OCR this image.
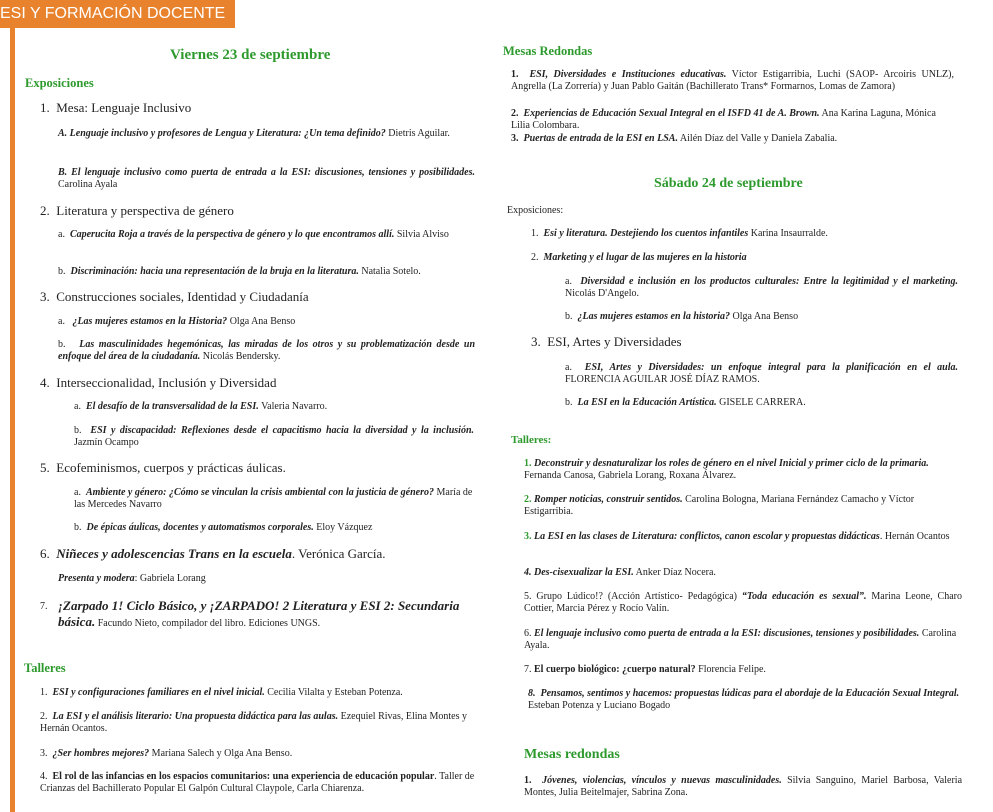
ESI Y FORMACIÓN DOCENTE
Viernes 23 de septiembre
Exposiciones
1. Mesa: Lenguaje Inclusivo
A. Lenguaje inclusivo y profesores de Lengua y Literatura: ¿Un tema definido? Dietris Aguilar.
B. El lenguaje inclusivo como puerta de entrada a la ESI: discusiones, tensiones y posibilidades. Carolina Ayala
2. Literatura y perspectiva de género
a. Caperucita Roja a través de la perspectiva de género y lo que encontramos allí. Silvia Alviso
b. Discriminación: hacia una representación de la bruja en la literatura. Natalia Sotelo.
3. Construcciones sociales, Identidad y Ciudadanía
a. ¿Las mujeres estamos en la Historia? Olga Ana Benso
b. Las masculinidades hegemónicas, las miradas de los otros y su problematización desde un enfoque del área de la ciudadanía. Nicolás Bendersky.
4. Interseccionalidad, Inclusión y Diversidad
a. El desafío de la transversalidad de la ESI. Valeria Navarro.
b. ESI y discapacidad: Reflexiones desde el capacitismo hacia la diversidad y la inclusión. Jazmín Ocampo
5. Ecofeminismos, cuerpos y prácticas áulicas.
a. Ambiente y género: ¿Cómo se vinculan la crisis ambiental con la justicia de género? María de las Mercedes Navarro
b. De épicas áulicas, docentes y automatismos corporales. Eloy Vázquez
6. Niñeces y adolescencias Trans en la escuela. Verónica García.
Presenta y modera: Gabriela Lorang
7. ¡Zarpado 1! Ciclo Básico, y ¡ZARPADO! 2 Literatura y ESI 2: Secundaria básica. Facundo Nieto, compilador del libro. Ediciones UNGS.
Talleres
1. ESI y configuraciones familiares en el nivel inicial. Cecilia Vilalta y Esteban Potenza.
2. La ESI y el análisis literario: Una propuesta didáctica para las aulas. Ezequiel Rivas, Elina Montes y Hernán Ocantos.
3. ¿Ser hombres mejores? Mariana Salech y Olga Ana Benso.
4. El rol de las infancias en los espacios comunitarios: una experiencia de educación popular. Taller de Crianzas del Bachillerato Popular El Galpón Cultural Claypole, Carla Chiarenza.
Mesas Redondas
1. ESI, Diversidades e Instituciones educativas. Víctor Estigarribia, Luchi (SAOP- Arcoiris UNLZ), Angrella (La Zorrería) y Juan Pablo Gaitán (Bachillerato Trans* Formarnos, Lomas de Zamora)
2. Experiencias de Educación Sexual Integral en el ISFD 41 de A. Brown. Ana Karina Laguna, Mónica Lilia Colombara.
3. Puertas de entrada de la ESI en LSA. Ailén Díaz del Valle y Daniela Zabalia.
Sábado 24 de septiembre
Exposiciones:
1. Esi y literatura. Destejiendo los cuentos infantiles Karina Insaurralde.
2. Marketing y el lugar de las mujeres en la historia
a. Diversidad e inclusión en los productos culturales: Entre la legitimidad y el marketing. Nicolás D'Angelo.
b. ¿Las mujeres estamos en la historia? Olga Ana Benso
3. ESI, Artes y Diversidades
a. ESI, Artes y Diversidades: un enfoque integral para la planificación en el aula. FLORENCIA AGUILAR JOSÉ DÍAZ RAMOS.
b. La ESI en la Educación Artística. GISELE CARRERA.
Talleres:
1. Deconstruir y desnaturalizar los roles de género en el nivel Inicial y primer ciclo de la primaria. Fernanda Canosa, Gabriela Lorang, Roxana Álvarez.
2. Romper noticias, construir sentidos. Carolina Bologna, Mariana Fernández Camacho y Víctor Estigarribia.
3. La ESI en las clases de Literatura: conflictos, canon escolar y propuestas didácticas. Hernán Ocantos
4. Des-cisexualizar la ESI. Anker Díaz Nocera.
5. Grupo Lúdico!? (Acción Artístico- Pedagógica) “Toda educación es sexual”. Marina Leone, Charo Cottier, Marcia Pérez y Rocío Valín.
6. El lenguaje inclusivo como puerta de entrada a la ESI: discusiones, tensiones y posibilidades. Carolina Ayala.
7. El cuerpo biológico: ¿cuerpo natural? Florencia Felipe.
8. Pensamos, sentimos y hacemos: propuestas lúdicas para el abordaje de la Educación Sexual Integral. Esteban Potenza y Luciano Bogado
Mesas redondas
1. Jóvenes, violencias, vínculos y nuevas masculinidades. Silvia Sanguino, Mariel Barbosa, Valeria Montes, Julia Beitelmajer, Sabrina Zona.
